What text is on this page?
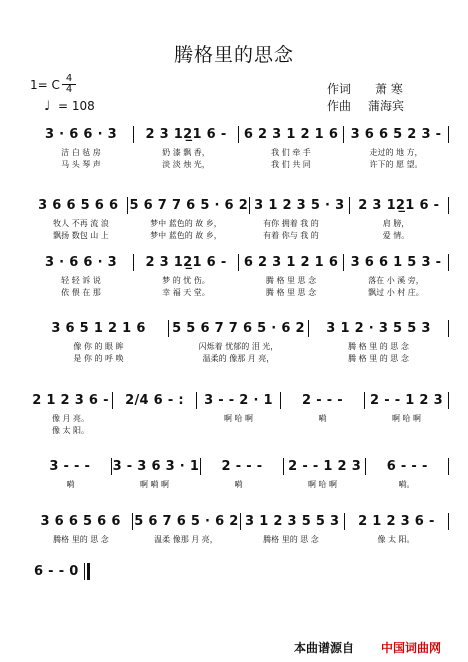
腾格里的思念
1= C $\frac{4}{4}$
♩ = 108
作词 萧 寒
作曲 蒲海宾
3 · 6 6 · 3	2 3 12̲1 6 -	6 2 3 1 2 1 6 3 6 6 5 2 3 -
洁 白 毡 房	奶 漆 飘 香，	我 们 牵 手	走过的 地 方，
马 头 琴 声	淡 淡 烛 光，	我 们 共 同	许下的 愿 望。
3 6 6 5 6 6 5 6 7 7 6 5 · 6 2 3 1 2 3 5 · 3	2 3 12̲1 6 -
牧人 不再 流 浪	梦中 蓝色的 故 乡，	有你 拥着 我 的	肩 膀，
飘扬 数包 山 上	梦中 蓝色的 故 乡，	有着 你与 我 的	爱 情。
3 · 6 6 · 3	2 3 12̲1 6 -	6 2 3 1 2 1 6 3 6 6 1 5 3 -
轻 轻 诉 说	梦 的 忧 伤。	腾 格 里 思 念	落在 小 溪 旁，
依 偎 在 那	幸 福 天 堂。	腾 格 里 思 念	飘过 小 村 庄。
3 6 5 1 2 1 6	5 5 6 7 7 6 5 · 6 2	3 1 2 · 3 5 5 3
像 你 的 眼 眸	闪烁着 忧郁的 泪 光，	腾 格 里 的 思 念
是 你 的 呼 唤	温柔的 像那 月 亮，	腾 格 里 的 思 念
2 1 2 3 6 -	2/4 6 - :	3 - - 2 · 1	2 - - -	2 - - 1 2 3
像 月 亮。	啊 哈 啊	嗬	啊 哈 啊
像 太 阳。
3 - - -	3 - 3 6 3 · 1	2 - - -	2 - - 1 2 3	6 - - -
嗬	啊 嗬 啊	嗬	啊 哈 啊	嗬。
3 6 6 5 6 6	5 6 7 6 5 · 6 2 3 1 2 3 5 5 3	2 1 2 3 6 -
腾格 里的 思 念	温柔 像那 月 亮，	腾格 里的 思 念	像 太 阳。
6 - - 0
本曲谱源自 中国词曲网
